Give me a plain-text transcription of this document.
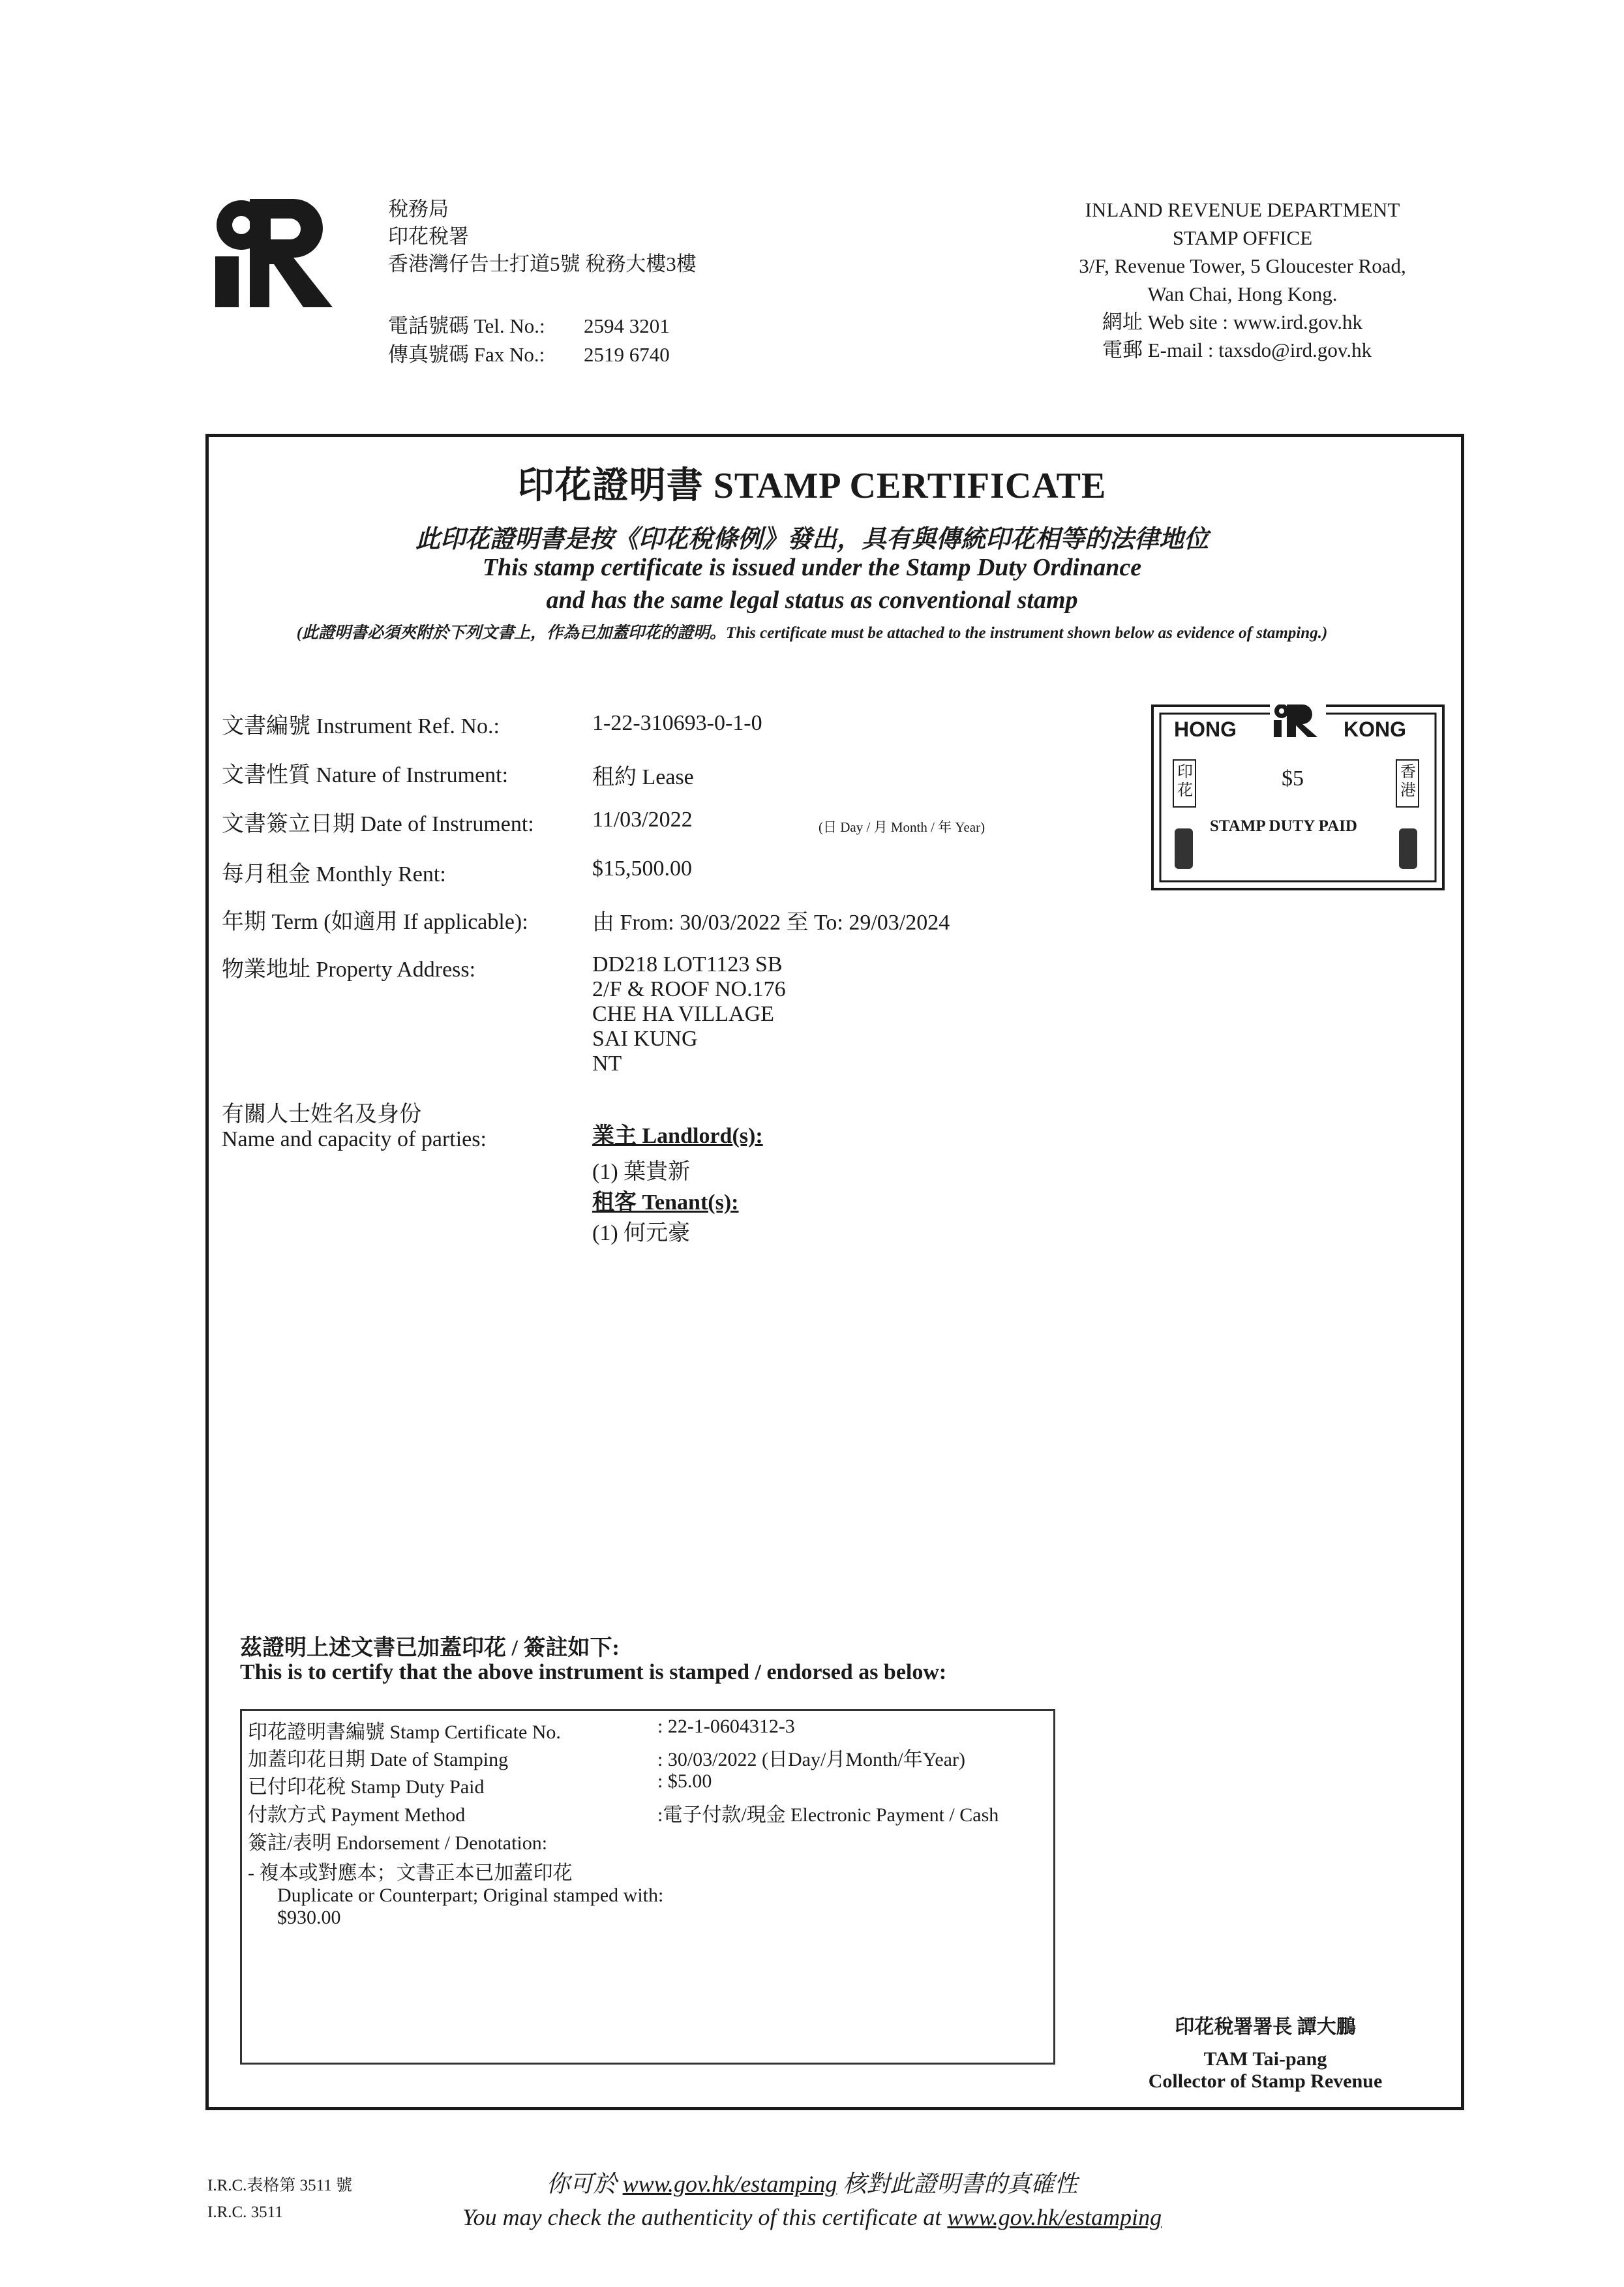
稅務局
印花稅署
香港灣仔告士打道5號 稅務大樓3樓
電話號碼 Tel. No.: 2594 3201
傳真號碼 Fax No.: 2519 6740
INLAND REVENUE DEPARTMENT
STAMP OFFICE
3/F, Revenue Tower, 5 Gloucester Road,
Wan Chai, Hong Kong.
網址 Web site : www.ird.gov.hk
電郵 E-mail : taxsdo@ird.gov.hk
印花證明書 STAMP CERTIFICATE
此印花證明書是按《印花稅條例》發出，具有與傳統印花相等的法律地位
This stamp certificate is issued under the Stamp Duty Ordinance
and has the same legal status as conventional stamp
(此證明書必須夾附於下列文書上，作為已加蓋印花的證明。This certificate must be attached to the instrument shown below as evidence of stamping.)
文書編號 Instrument Ref. No.:	1-22-310693-0-1-0
文書性質 Nature of Instrument:	租約 Lease
文書簽立日期 Date of Instrument:	11/03/2022	(日 Day / 月 Month / 年 Year)
每月租金 Monthly Rent:	$15,500.00
年期 Term (如適用 If applicable):	由 From: 30/03/2022 至 To: 29/03/2024
物業地址 Property Address:	DD218 LOT1123 SB
2/F & ROOF NO.176
CHE HA VILLAGE
SAI KUNG
NT
有關人士姓名及身份
Name and capacity of parties:	業主 Landlord(s):
(1) 葉貴新
租客 Tenant(s):
(1) 何元豪
HONG	KONG
$5
STAMP DUTY PAID
印花
香港
茲證明上述文書已加蓋印花 / 簽註如下:
This is to certify that the above instrument is stamped / endorsed as below:
印花證明書編號 Stamp Certificate No.	: 22-1-0604312-3
加蓋印花日期 Date of Stamping	: 30/03/2022 (日Day/月Month/年Year)
已付印花稅 Stamp Duty Paid	: $5.00
付款方式 Payment Method	:電子付款/現金 Electronic Payment / Cash
簽註/表明 Endorsement / Denotation:
- 複本或對應本；文書正本已加蓋印花
Duplicate or Counterpart; Original stamped with:
$930.00
印花稅署署長 譚大鵬
TAM Tai-pang
Collector of Stamp Revenue
I.R.C.表格第 3511 號
I.R.C. 3511
你可於 www.gov.hk/estamping 核對此證明書的真確性
You may check the authenticity of this certificate at www.gov.hk/estamping
